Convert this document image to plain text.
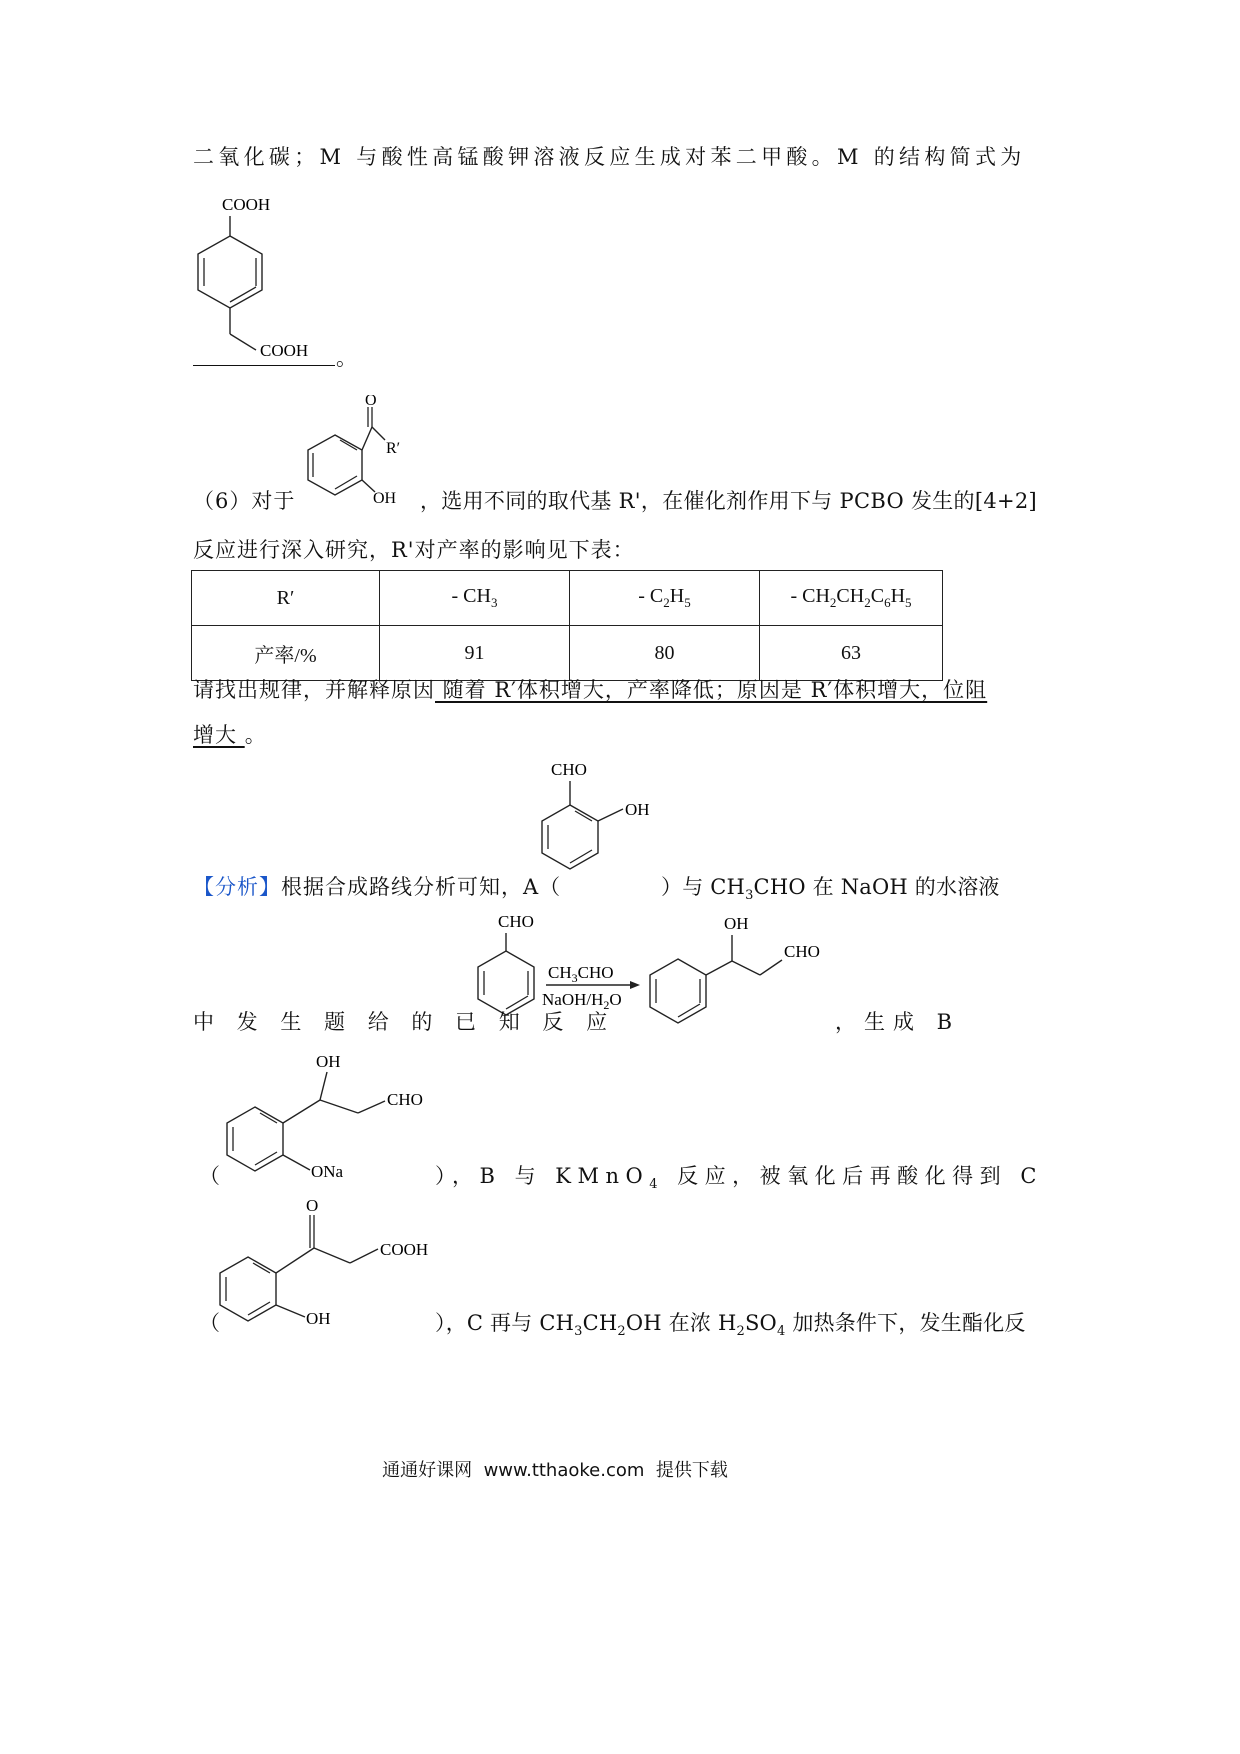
二氧化碳；M 与酸性高锰酸钾溶液反应生成对苯二甲酸。M 的结构简式为
COOH
COOH 。
O
R′
OH
（6）对于	，选用不同的取代基 R'，在催化剂作用下与 PCBO 发生的[4+2]
反应进行深入研究，R'对产率的影响见下表：
R′	- $CH_3$	- $C_2H_5$	- $CH_2CH_2C_6H_5$
产率/%	91	80	63
请找出规律，并解释原因 随着 R′体积增大，产率降低；原因是 R′体积增大，位阻
增大 。
CHO
OH
【分析】根据合成路线分析可知，A（	）与 $CH_3CHO$ 在 NaOH 的水溶液
CHO
$CH_3CHO$
NaOH/$H_2O$
OH
CHO
中 发 生 题 给 的 已 知 反 应	，生成 B
OH
CHO
ONa
（	），B 与 KMnO$_4$ 反应，被氧化后再酸化得到 C
O
COOH
OH
（	），C 再与 $CH_3CH_2OH$ 在浓 $H_2SO_4$ 加热条件下，发生酯化反
通通好课网  www.tthaoke.com  提供下载
